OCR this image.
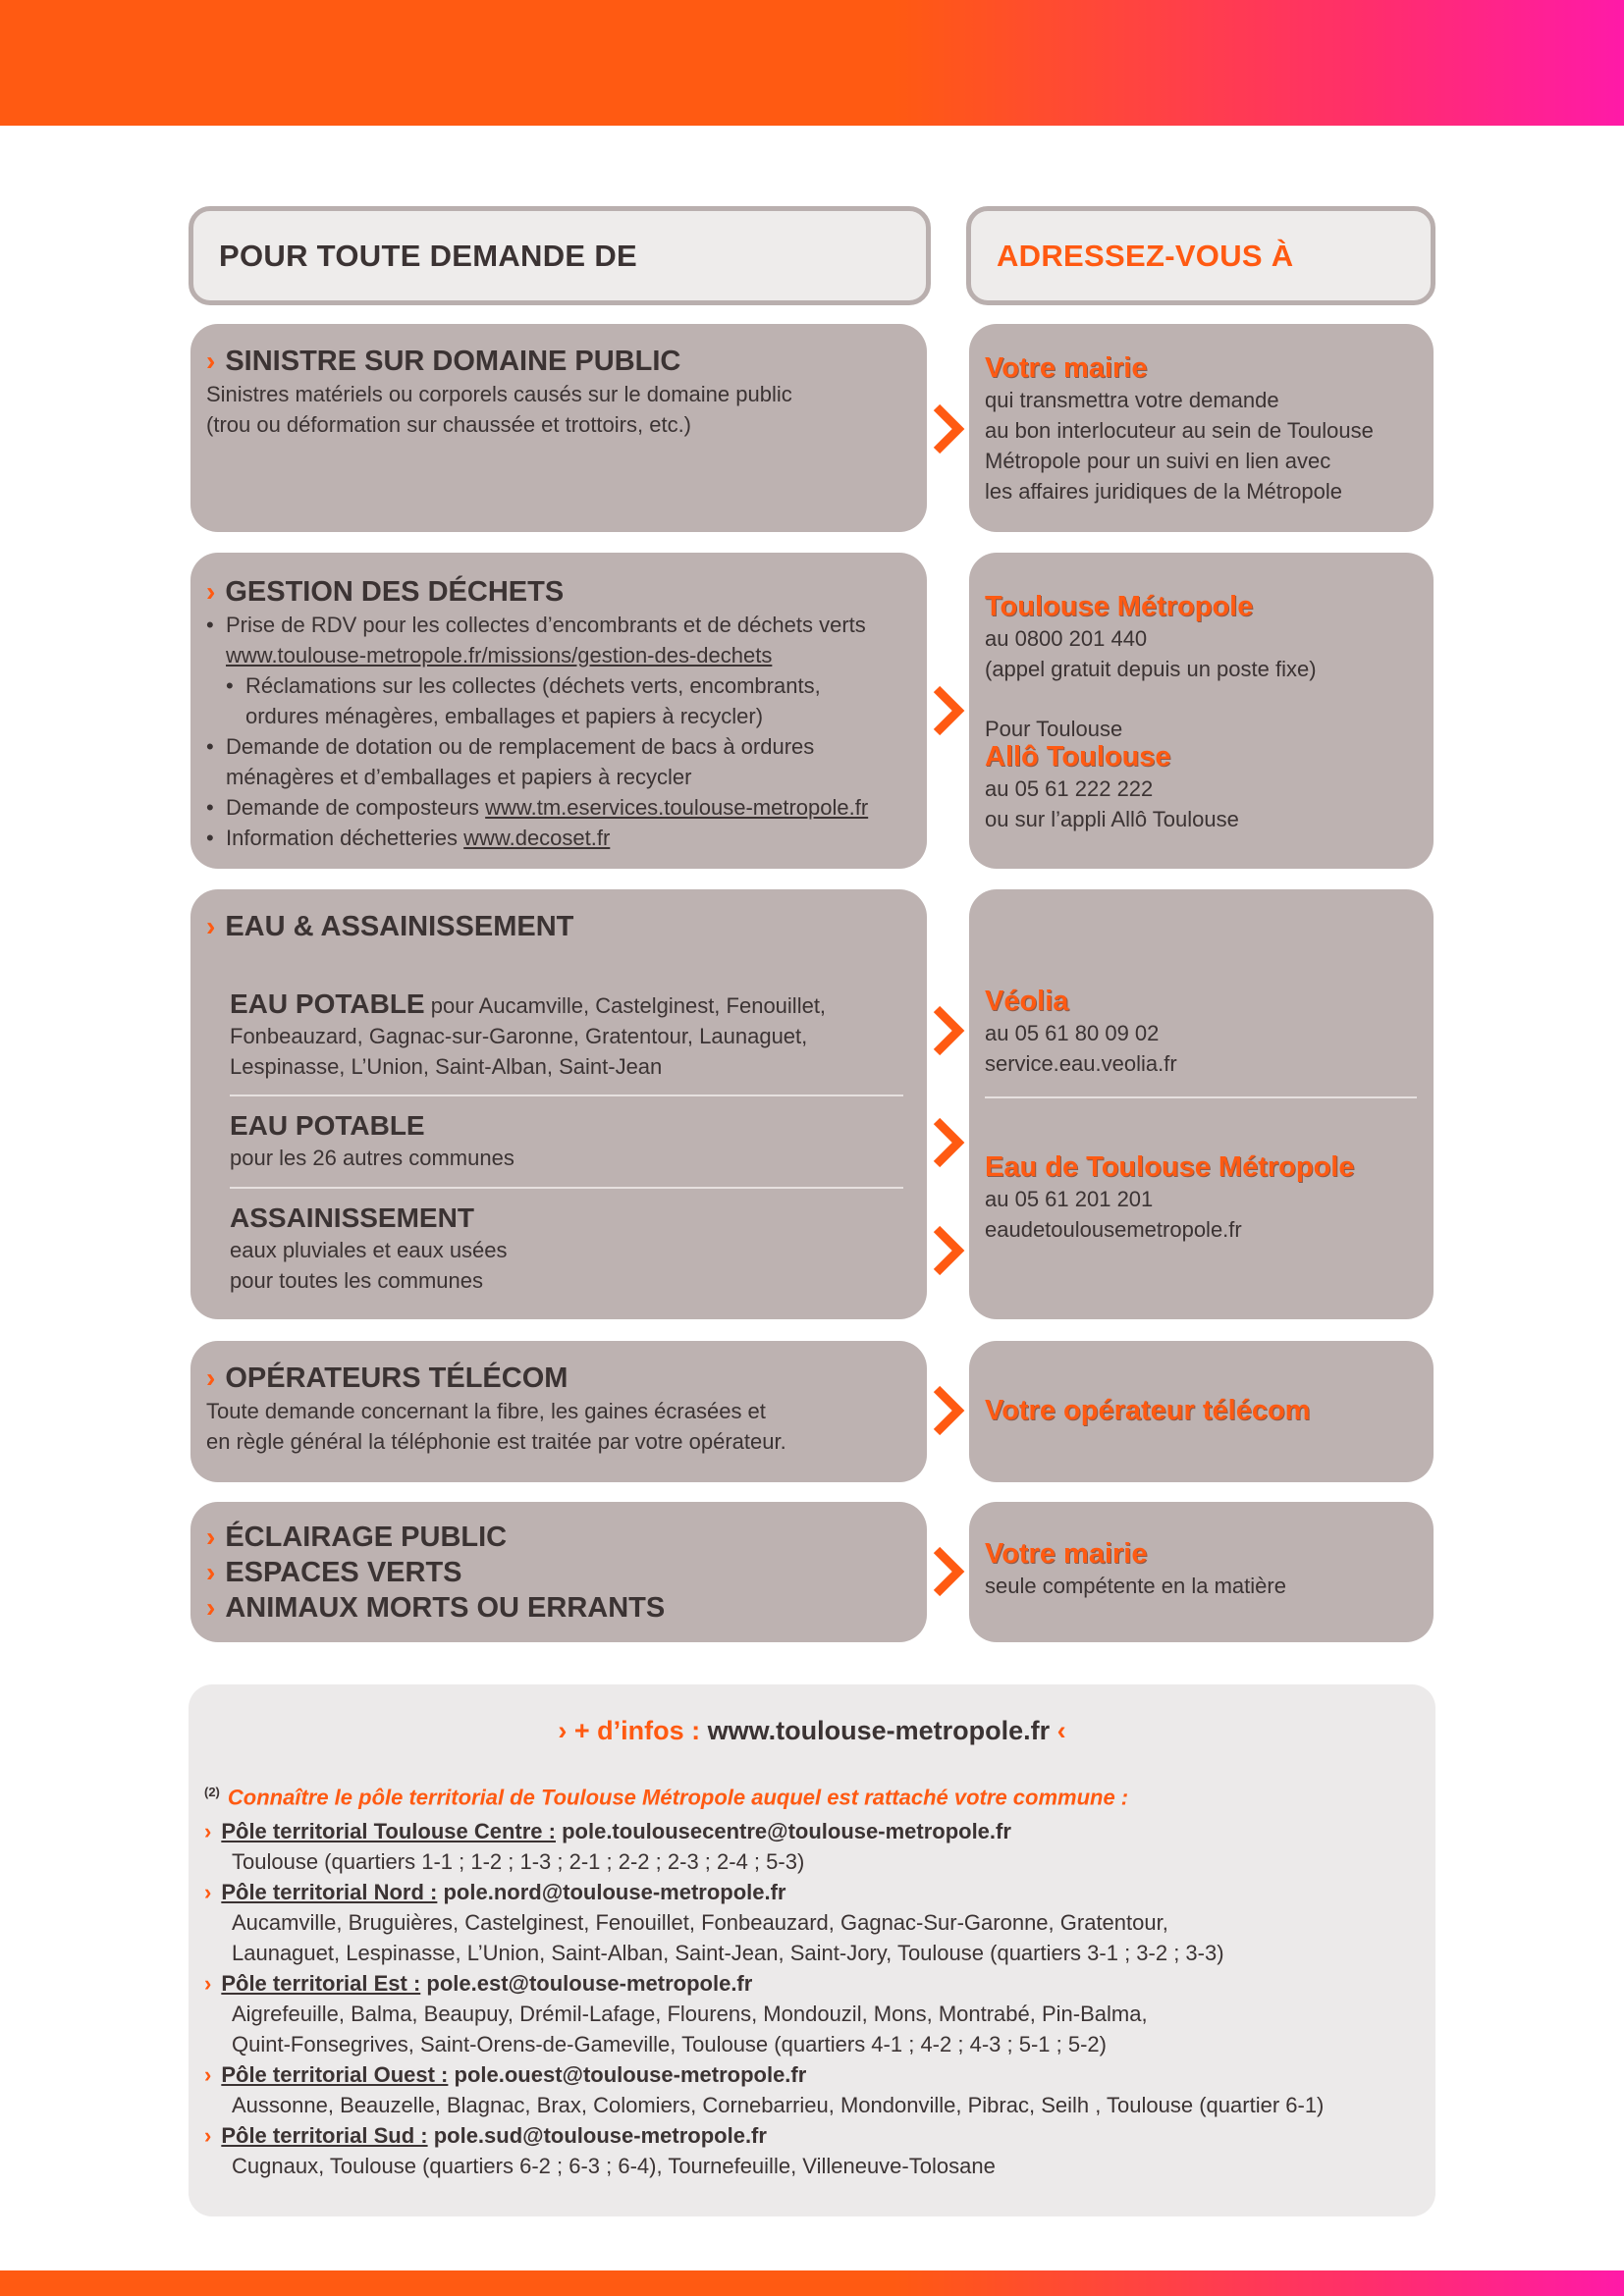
POUR TOUTE DEMANDE DE	ADRESSEZ-VOUS À
› SINISTRE SUR DOMAINE PUBLIC
Sinistres matériels ou corporels causés sur le domaine public
(trou ou déformation sur chaussée et trottoirs, etc.)
Votre mairie
qui transmettra votre demande
au bon interlocuteur au sein de Toulouse
Métropole pour un suivi en lien avec
les affaires juridiques de la Métropole
› GESTION DES DÉCHETS
• Prise de RDV pour les collectes d’encombrants et de déchets verts
www.toulouse-metropole.fr/missions/gestion-des-dechets
• Réclamations sur les collectes (déchets verts, encombrants,
ordures ménagères, emballages et papiers à recycler)
• Demande de dotation ou de remplacement de bacs à ordures
ménagères et d’emballages et papiers à recycler
• Demande de composteurs www.tm.eservices.toulouse-metropole.fr
• Information déchetteries www.decoset.fr
Toulouse Métropole
au 0800 201 440
(appel gratuit depuis un poste fixe)
Pour Toulouse
Allô Toulouse
au 05 61 222 222
ou sur l’appli Allô Toulouse
› EAU & ASSAINISSEMENT
EAU POTABLE pour Aucamville, Castelginest, Fenouillet,
Fonbeauzard, Gagnac-sur-Garonne, Gratentour, Launaguet,
Lespinasse, L’Union, Saint-Alban, Saint-Jean
EAU POTABLE
pour les 26 autres communes
ASSAINISSEMENT
eaux pluviales et eaux usées
pour toutes les communes
Véolia
au 05 61 80 09 02
service.eau.veolia.fr
Eau de Toulouse Métropole
au 05 61 201 201
eaudetoulousemetropole.fr
› OPÉRATEURS TÉLÉCOM
Toute demande concernant la fibre, les gaines écrasées et
en règle général la téléphonie est traitée par votre opérateur.
Votre opérateur télécom
› ÉCLAIRAGE PUBLIC
› ESPACES VERTS
› ANIMAUX MORTS OU ERRANTS
Votre mairie
seule compétente en la matière
› + d’infos : www.toulouse-metropole.fr ‹
$^{(2)}$ Connaître le pôle territorial de Toulouse Métropole auquel est rattaché votre commune :
› Pôle territorial Toulouse Centre : pole.toulousecentre@toulouse-metropole.fr
Toulouse (quartiers 1-1 ; 1-2 ; 1-3 ; 2-1 ; 2-2 ; 2-3 ; 2-4 ; 5-3)
› Pôle territorial Nord : pole.nord@toulouse-metropole.fr
Aucamville, Bruguières, Castelginest, Fenouillet, Fonbeauzard, Gagnac-Sur-Garonne, Gratentour,
Launaguet, Lespinasse, L’Union, Saint-Alban, Saint-Jean, Saint-Jory, Toulouse (quartiers 3-1 ; 3-2 ; 3-3)
› Pôle territorial Est : pole.est@toulouse-metropole.fr
Aigrefeuille, Balma, Beaupuy, Drémil-Lafage, Flourens, Mondouzil, Mons, Montrabé, Pin-Balma,
Quint-Fonsegrives, Saint-Orens-de-Gameville, Toulouse (quartiers 4-1 ; 4-2 ; 4-3 ; 5-1 ; 5-2)
› Pôle territorial Ouest : pole.ouest@toulouse-metropole.fr
Aussonne, Beauzelle, Blagnac, Brax, Colomiers, Cornebarrieu, Mondonville, Pibrac, Seilh , Toulouse (quartier 6-1)
› Pôle territorial Sud : pole.sud@toulouse-metropole.fr
Cugnaux, Toulouse (quartiers 6-2 ; 6-3 ; 6-4), Tournefeuille, Villeneuve-Tolosane
